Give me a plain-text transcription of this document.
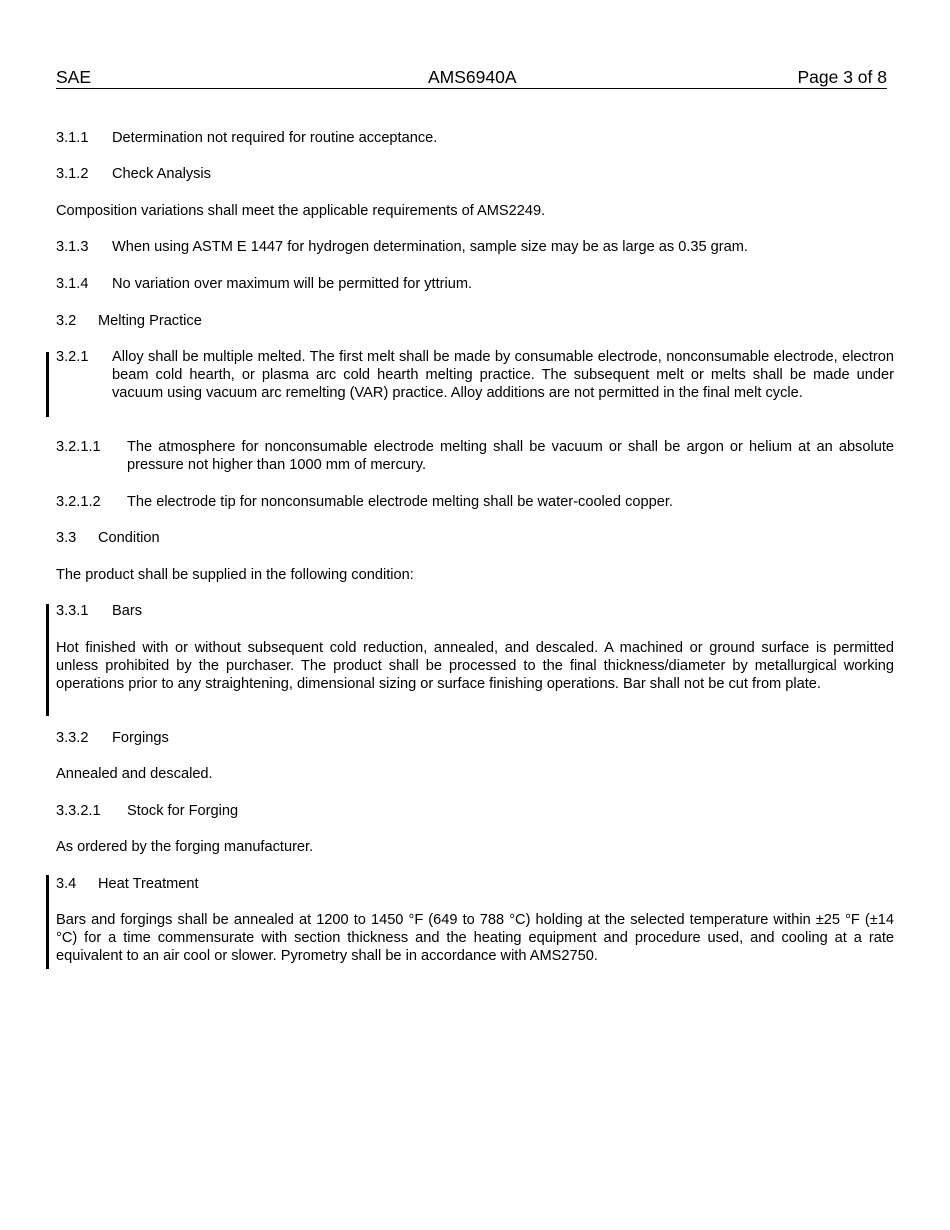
SAE	AMS6940A	Page 3 of 8
3.1.1 Determination not required for routine acceptance.
3.1.2 Check Analysis
Composition variations shall meet the applicable requirements of AMS2249.
3.1.3 When using ASTM E 1447 for hydrogen determination, sample size may be as large as 0.35 gram.
3.1.4 No variation over maximum will be permitted for yttrium.
3.2 Melting Practice
3.2.1 Alloy shall be multiple melted. The first melt shall be made by consumable electrode, nonconsumable electrode, electron beam cold hearth, or plasma arc cold hearth melting practice. The subsequent melt or melts shall be made under vacuum using vacuum arc remelting (VAR) practice. Alloy additions are not permitted in the final melt cycle.
3.2.1.1 The atmosphere for nonconsumable electrode melting shall be vacuum or shall be argon or helium at an absolute pressure not higher than 1000 mm of mercury.
3.2.1.2 The electrode tip for nonconsumable electrode melting shall be water-cooled copper.
3.3 Condition
The product shall be supplied in the following condition:
3.3.1 Bars
Hot finished with or without subsequent cold reduction, annealed, and descaled. A machined or ground surface is permitted unless prohibited by the purchaser. The product shall be processed to the final thickness/diameter by metallurgical working operations prior to any straightening, dimensional sizing or surface finishing operations. Bar shall not be cut from plate.
3.3.2 Forgings
Annealed and descaled.
3.3.2.1 Stock for Forging
As ordered by the forging manufacturer.
3.4 Heat Treatment
Bars and forgings shall be annealed at 1200 to 1450 °F (649 to 788 °C) holding at the selected temperature within ±25 °F (±14 °C) for a time commensurate with section thickness and the heating equipment and procedure used, and cooling at a rate equivalent to an air cool or slower. Pyrometry shall be in accordance with AMS2750.
